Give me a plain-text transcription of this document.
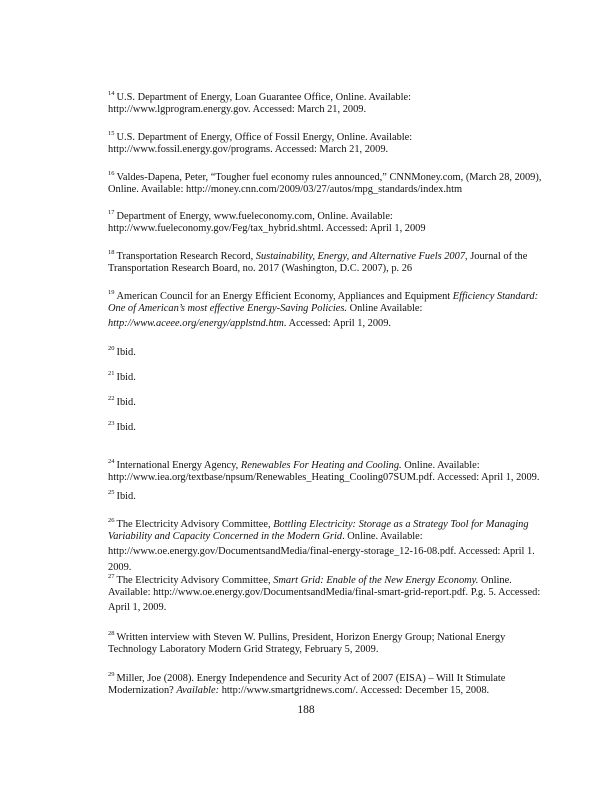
$^{14}$ U.S. Department of Energy, Loan Guarantee Office, Online. Available:
http://www.lgprogram.energy.gov. Accessed: March 21, 2009.
$^{15}$ U.S. Department of Energy, Office of Fossil Energy, Online. Available:
http://www.fossil.energy.gov/programs. Accessed: March 21, 2009.
$^{16}$ Valdes-Dapena, Peter, “Tougher fuel economy rules announced,” CNNMoney.com, (March 28, 2009),
Online. Available: http://money.cnn.com/2009/03/27/autos/mpg_standards/index.htm
$^{17}$ Department of Energy, www.fueleconomy.com, Online. Available:
http://www.fueleconomy.gov/Feg/tax_hybrid.shtml. Accessed: April 1, 2009
$^{18}$ Transportation Research Record, Sustainability, Energy, and Alternative Fuels 2007, Journal of the
Transportation Research Board, no. 2017 (Washington, D.C. 2007), p. 26
$^{19}$ American Council for an Energy Efficient Economy, Appliances and Equipment Efficiency Standard:
One of American’s most effective Energy-Saving Policies. Online Available:
http://www.aceee.org/energy/applstnd.htm. Accessed: April 1, 2009.
$^{20}$ Ibid.
$^{21}$ Ibid.
$^{22}$ Ibid.
$^{23}$ Ibid.
$^{24}$ International Energy Agency, Renewables For Heating and Cooling. Online. Available:
http://www.iea.org/textbase/npsum/Renewables_Heating_Cooling07SUM.pdf. Accessed: April 1, 2009.
$^{25}$ Ibid.
$^{26}$ The Electricity Advisory Committee, Bottling Electricity: Storage as a Strategy Tool for Managing
Variability and Capacity Concerned in the Modern Grid. Online. Available:
http://www.oe.energy.gov/DocumentsandMedia/final-energy-storage_12-16-08.pdf. Accessed: April 1.
2009.
$^{27}$ The Electricity Advisory Committee, Smart Grid: Enable of the New Energy Economy. Online.
Available: http://www.oe.energy.gov/DocumentsandMedia/final-smart-grid-report.pdf. P.g. 5. Accessed:
April 1, 2009.
$^{28}$ Written interview with Steven W. Pullins, President, Horizon Energy Group; National Energy
Technology Laboratory Modern Grid Strategy, February 5, 2009.
$^{29}$ Miller, Joe (2008). Energy Independence and Security Act of 2007 (EISA) – Will It Stimulate
Modernization? Available: http://www.smartgridnews.com/. Accessed: December 15, 2008.
188
